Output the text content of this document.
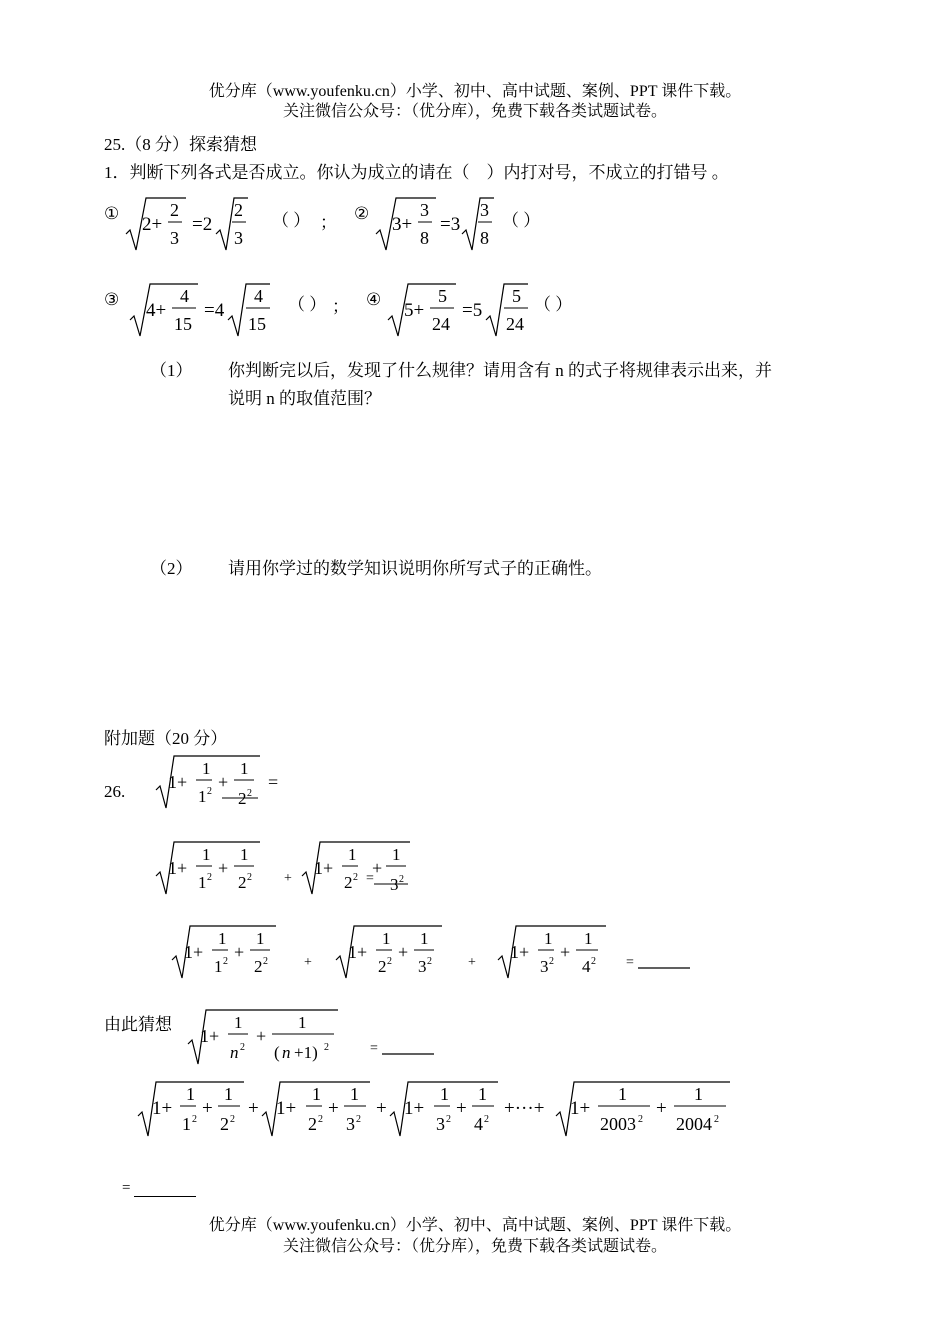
优分库（www.youfenku.cn）小学、初中、高中试题、案例、PPT 课件下载。
关注微信公众号：（优分库），免费下载各类试题试卷。
25.（8 分）探索猜想
1．判断下列各式是否成立。你认为成立的请在（　）内打对号，不成立的打错号 。
①
2+
2
3
=2
2
3
（ ） ； ②
3+
3
8
=3
3
8
（ ）
③
4+
4
15
=4
4
15
（ ） ； ④
5+
5
24
=5
5
24
（ ）
（1） 你判断完以后，发现了什么规律？请用含有 n 的式子将规律表示出来，并
说明 n 的取值范围？
（2） 请用你学过的数学知识说明你所写式子的正确性。
附加题（20 分）
26. 1+
1
1 2 +
1
2 2
=
1+
1
1 2 +
1
2 2 +
1+
1
2 2 =
+
1
3 2
1+
1
1 2 +
1
2 2	+
1+
1
2 2 +
1
3 2	+
1+
1
3 2 +
1
4 2 =
由此猜想
1+
1
n 2
+
1
( n +1) 2	=
1+
1
1 2
+
1
2 2
+ 1+
1
2 2
+
1
3 2
+ 1+
1
3 2
+
1
4 2
+···+ 1+
1
2003 2
+
1
2004 2
=
优分库（www.youfenku.cn）小学、初中、高中试题、案例、PPT 课件下载。
关注微信公众号：（优分库），免费下载各类试题试卷。
